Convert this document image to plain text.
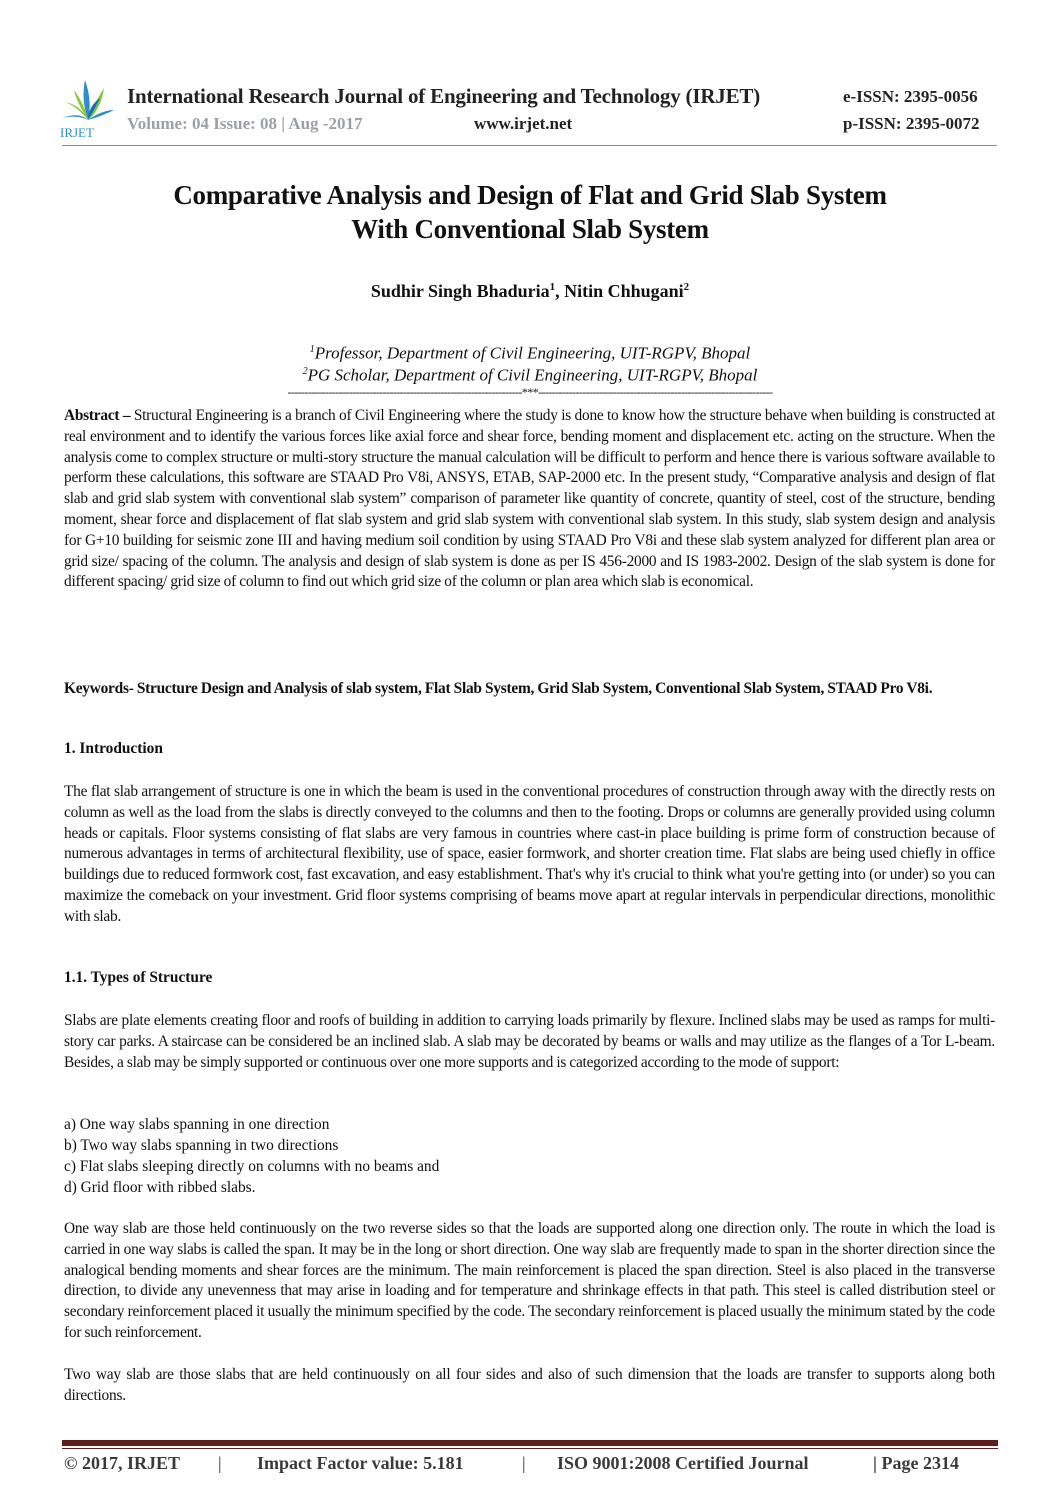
IRJET
International Research Journal of Engineering and Technology (IRJET)	e-ISSN: 2395-0056
Volume: 04 Issue: 08 | Aug -2017	www.irjet.net	p-ISSN: 2395-0072
Comparative Analysis and Design of Flat and Grid Slab System
With Conventional Slab System
Sudhir Singh Bhaduria$^1$, Nitin Chhugani$^2$
$^1$Professor, Department of Civil Engineering, UIT-RGPV, Bhopal
$^2$PG Scholar, Department of Civil Engineering, UIT-RGPV, Bhopal
---------------------------------------------------------------------***---------------------------------------------------------------------
Abstract – Structural Engineering is a branch of Civil Engineering where the study is done to know how the structure behave when building is constructed at real environment and to identify the various forces like axial force and shear force, bending moment and displacement etc. acting on the structure. When the analysis come to complex structure or multi-story structure the manual calculation will be difficult to perform and hence there is various software available to perform these calculations, this software are STAAD Pro V8i, ANSYS, ETAB, SAP-2000 etc. In the present study, “Comparative analysis and design of flat slab and grid slab system with conventional slab system” comparison of parameter like quantity of concrete, quantity of steel, cost of the structure, bending moment, shear force and displacement of flat slab system and grid slab system with conventional slab system. In this study, slab system design and analysis for G+10 building for seismic zone III and having medium soil condition by using STAAD Pro V8i and these slab system analyzed for different plan area or grid size/ spacing of the column. The analysis and design of slab system is done as per IS 456-2000 and IS 1983-2002. Design of the slab system is done for different spacing/ grid size of column to find out which grid size of the column or plan area which slab is economical.
Keywords- Structure Design and Analysis of slab system, Flat Slab System, Grid Slab System, Conventional Slab System, STAAD Pro V8i.
1. Introduction
The flat slab arrangement of structure is one in which the beam is used in the conventional procedures of construction through away with the directly rests on column as well as the load from the slabs is directly conveyed to the columns and then to the footing. Drops or columns are generally provided using column heads or capitals. Floor systems consisting of flat slabs are very famous in countries where cast-in place building is prime form of construction because of numerous advantages in terms of architectural flexibility, use of space, easier formwork, and shorter creation time. Flat slabs are being used chiefly in office buildings due to reduced formwork cost, fast excavation, and easy establishment. That's why it's crucial to think what you're getting into (or under) so you can maximize the comeback on your investment. Grid floor systems comprising of beams move apart at regular intervals in perpendicular directions, monolithic with slab.
1.1. Types of Structure
Slabs are plate elements creating floor and roofs of building in addition to carrying loads primarily by flexure. Inclined slabs may be used as ramps for multi-story car parks. A staircase can be considered be an inclined slab. A slab may be decorated by beams or walls and may utilize as the flanges of a Tor L-beam. Besides, a slab may be simply supported or continuous over one more supports and is categorized according to the mode of support:
a) One way slabs spanning in one direction
b) Two way slabs spanning in two directions
c) Flat slabs sleeping directly on columns with no beams and
d) Grid floor with ribbed slabs.
One way slab are those held continuously on the two reverse sides so that the loads are supported along one direction only. The route in which the load is carried in one way slabs is called the span. It may be in the long or short direction. One way slab are frequently made to span in the shorter direction since the analogical bending moments and shear forces are the minimum. The main reinforcement is placed the span direction. Steel is also placed in the transverse direction, to divide any unevenness that may arise in loading and for temperature and shrinkage effects in that path. This steel is called distribution steel or secondary reinforcement placed it usually the minimum specified by the code. The secondary reinforcement is placed usually the minimum stated by the code for such reinforcement.
Two way slab are those slabs that are held continuously on all four sides and also of such dimension that the loads are transfer to supports along both directions.
© 2017, IRJET | Impact Factor value: 5.181	| ISO 9001:2008 Certified Journal	| Page 2314
